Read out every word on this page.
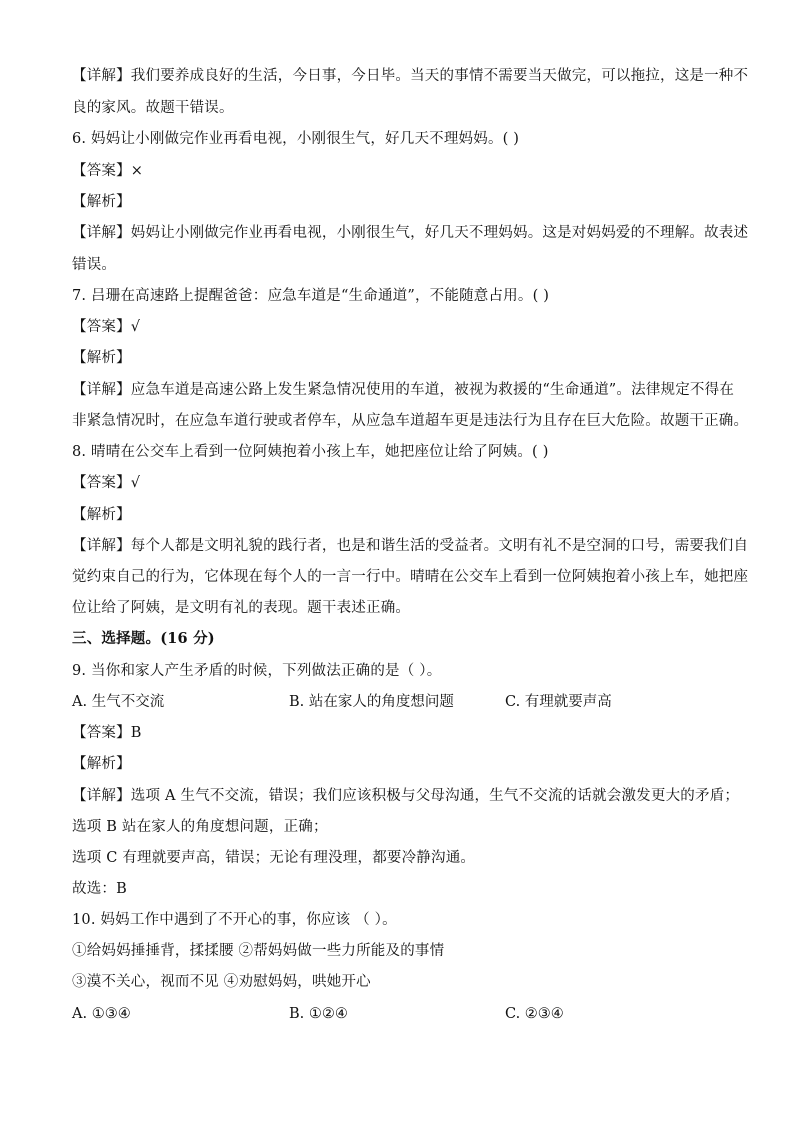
【详解】我们要养成良好的生活，今日事，今日毕。当天的事情不需要当天做完，可以拖拉，这是一种不
良的家风。故题干错误。
6. 妈妈让小刚做完作业再看电视，小刚很生气，好几天不理妈妈。( )
【答案】×
【解析】
【详解】妈妈让小刚做完作业再看电视，小刚很生气，好几天不理妈妈。这是对妈妈爱的不理解。故表述
错误。
7. 吕珊在高速路上提醒爸爸：应急车道是“生命通道”，不能随意占用。( )
【答案】√
【解析】
【详解】应急车道是高速公路上发生紧急情况使用的车道，被视为救援的“生命通道”。法律规定不得在
非紧急情况时，在应急车道行驶或者停车，从应急车道超车更是违法行为且存在巨大危险。故题干正确。
8. 晴晴在公交车上看到一位阿姨抱着小孩上车，她把座位让给了阿姨。( )
【答案】√
【解析】
【详解】每个人都是文明礼貌的践行者，也是和谐生活的受益者。文明有礼不是空洞的口号，需要我们自
觉约束自己的行为，它体现在每个人的一言一行中。晴晴在公交车上看到一位阿姨抱着小孩上车，她把座
位让给了阿姨，是文明有礼的表现。题干表述正确。
三、选择题。(16 分)
9. 当你和家人产生矛盾的时候，下列做法正确的是（ ）。
A. 生气不交流	B. 站在家人的角度想问题	C. 有理就要声高
【答案】B
【解析】
【详解】选项 A 生气不交流，错误；我们应该积极与父母沟通，生气不交流的话就会激发更大的矛盾；
选项 B 站在家人的角度想问题，正确；
选项 C 有理就要声高，错误；无论有理没理，都要冷静沟通。
故选：B
10. 妈妈工作中遇到了不开心的事，你应该 （ ）。
①给妈妈捶捶背，揉揉腰 ②帮妈妈做一些力所能及的事情
③漠不关心，视而不见 ④劝慰妈妈，哄她开心
A. ①③④	B. ①②④	C. ②③④
